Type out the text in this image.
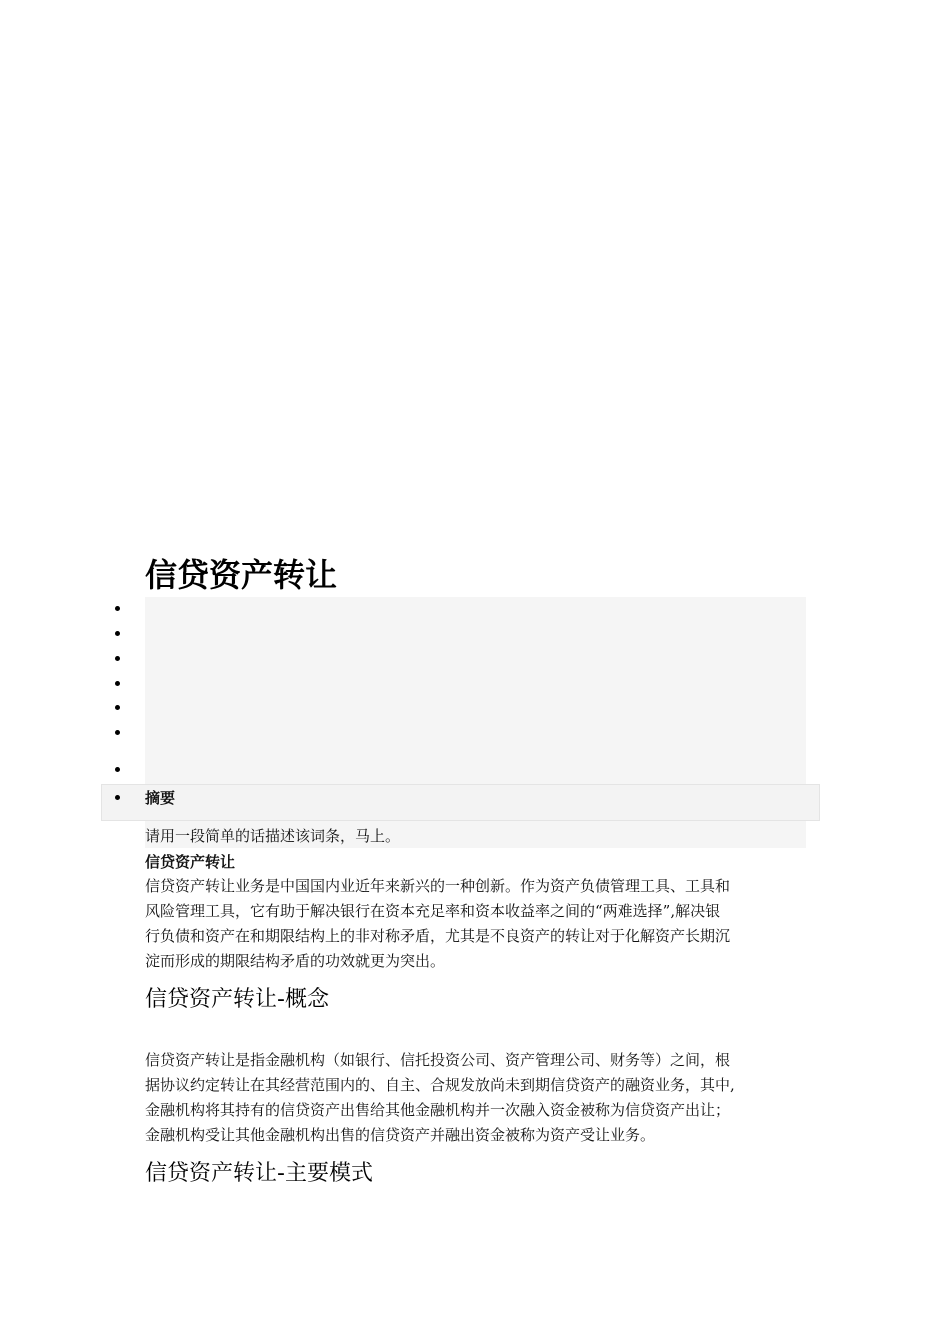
信贷资产转让
摘要
请用一段简单的话描述该词条，马上。
信贷资产转让

信贷资产转让业务是中国国内业近年来新兴的一种创新。作为资产负债管理工具、工具和
风险管理工具，它有助于解决银行在资本充足率和资本收益率之间的“两难选择”,解决银
行负债和资产在和期限结构上的非对称矛盾，尤其是不良资产的转让对于化解资产长期沉
淀而形成的期限结构矛盾的功效就更为突出。

信贷资产转让-概念

信贷资产转让是指金融机构（如银行、信托投资公司、资产管理公司、财务等）之间，根
据协议约定转让在其经营范围内的、自主、合规发放尚未到期信贷资产的融资业务，其中,
金融机构将其持有的信贷资产出售给其他金融机构并一次融入资金被称为信贷资产出让；
金融机构受让其他金融机构出售的信贷资产并融出资金被称为资产受让业务。

信贷资产转让-主要模式
